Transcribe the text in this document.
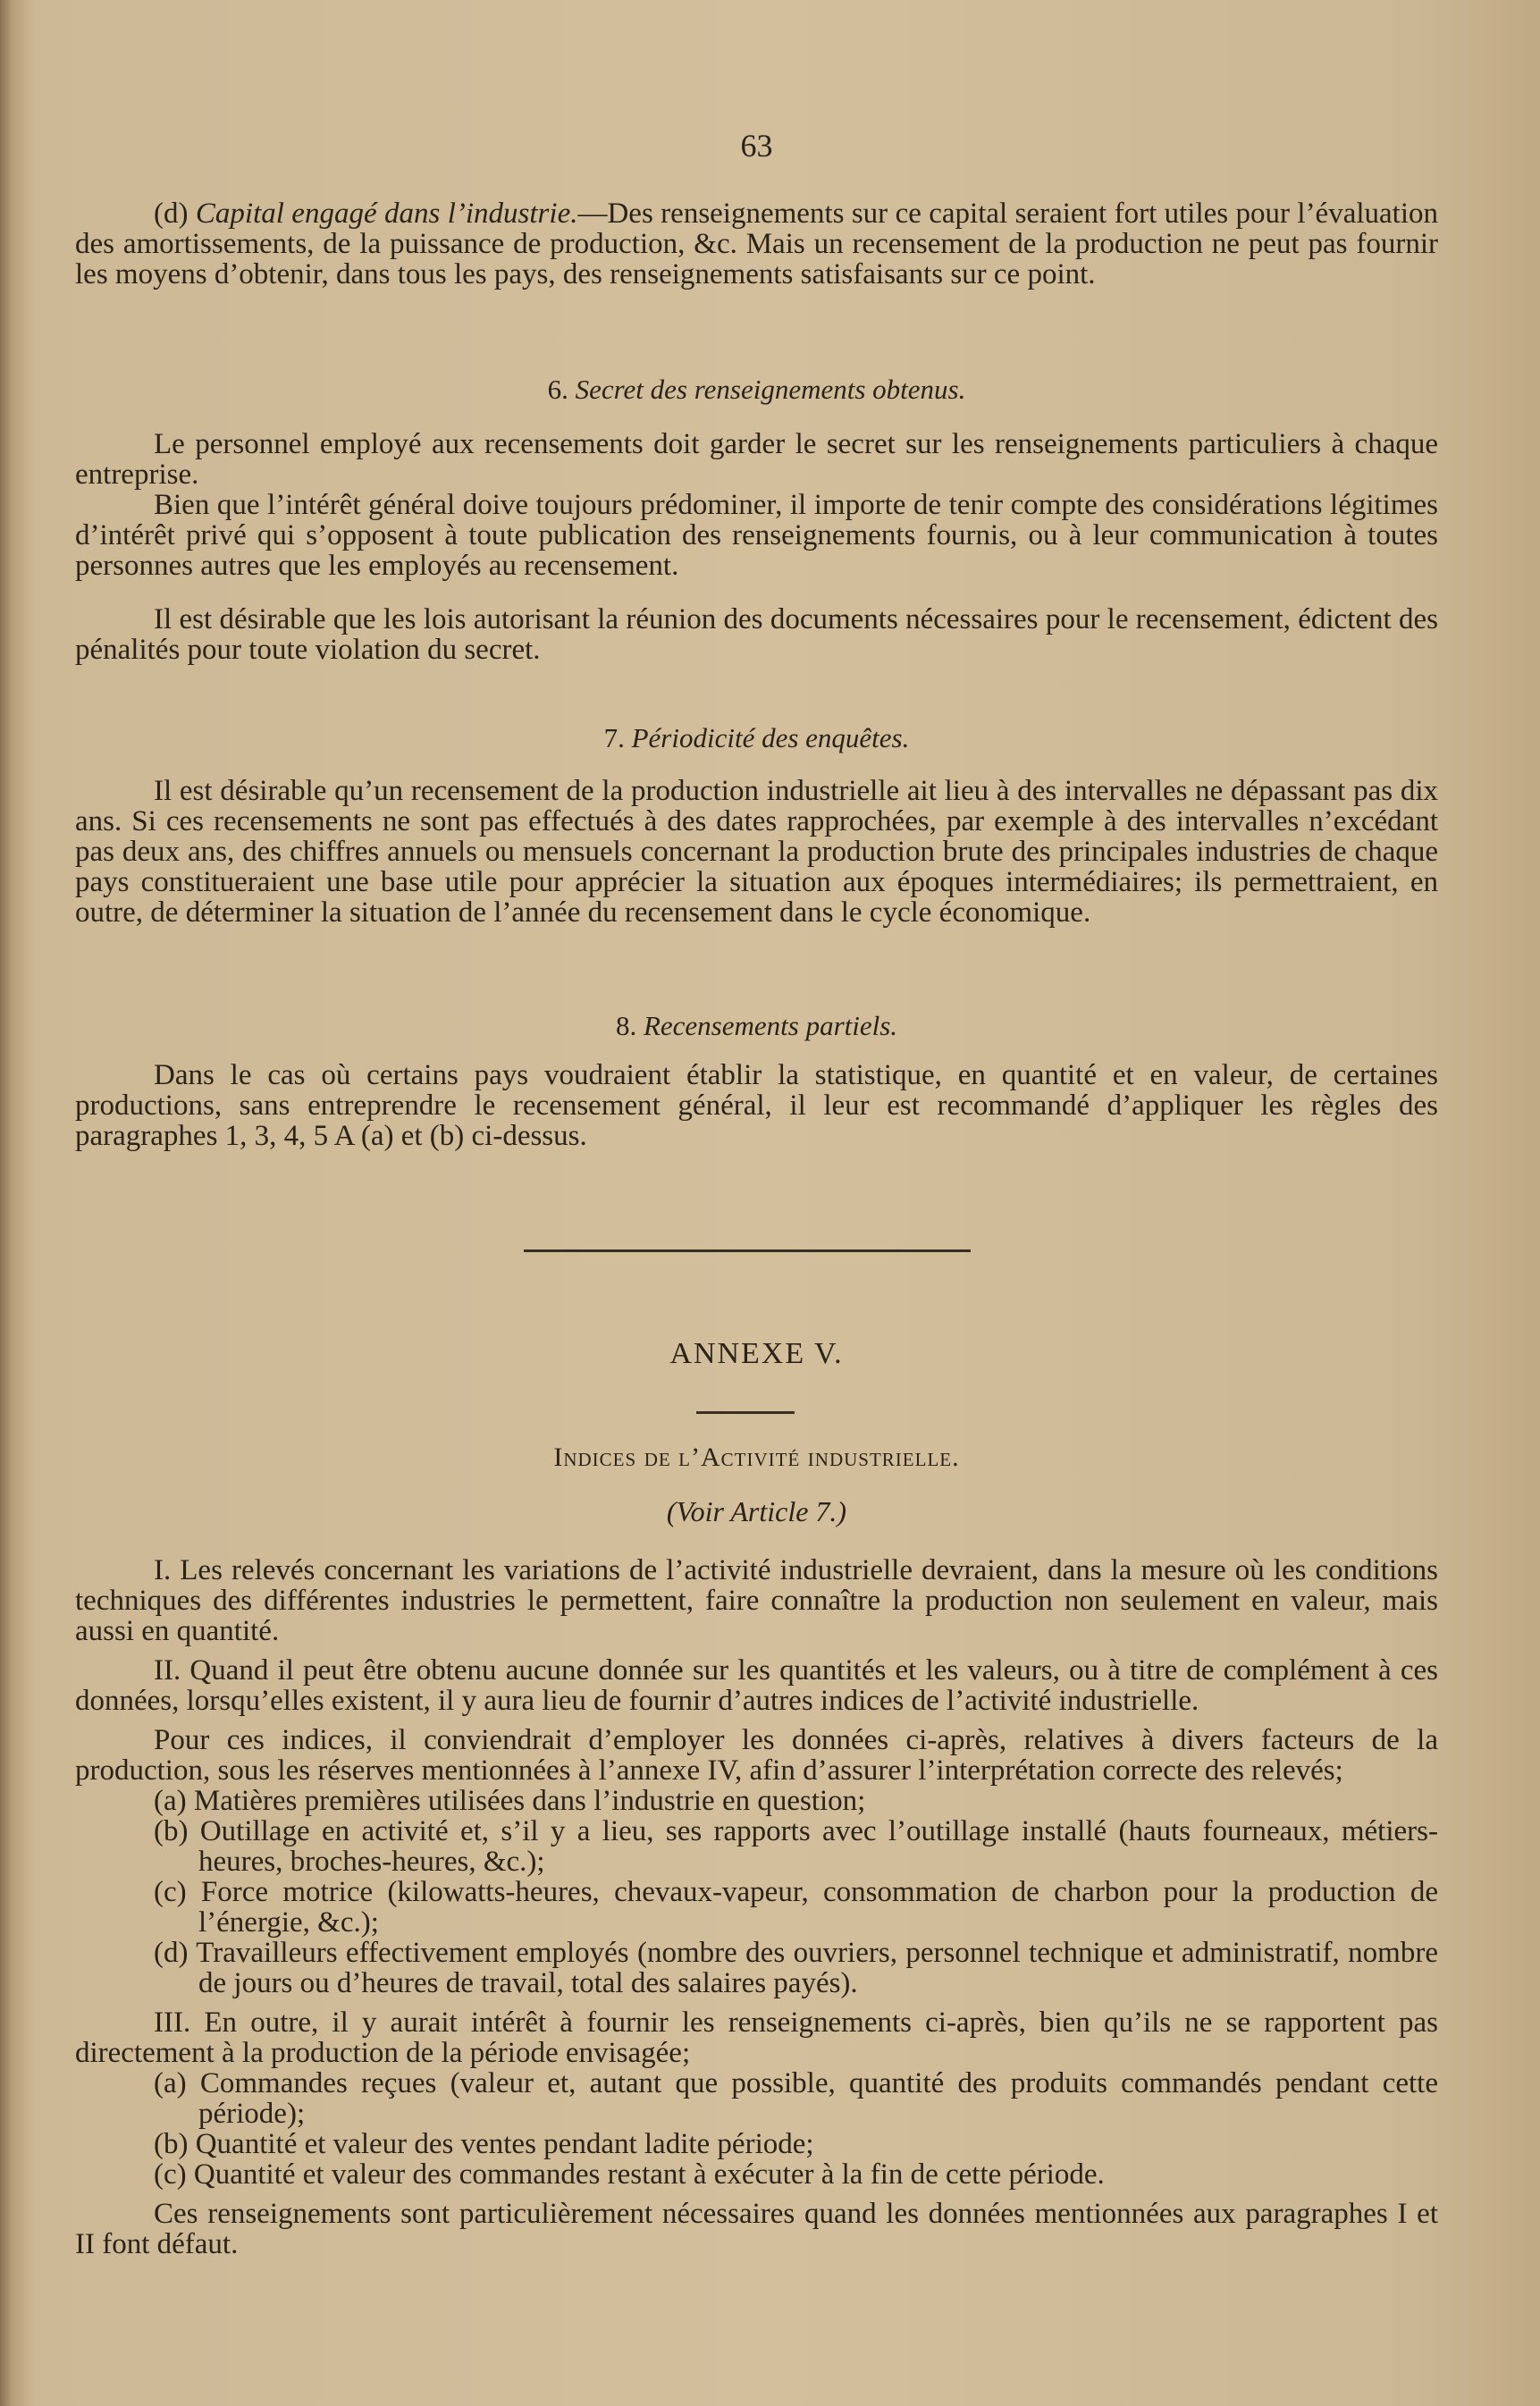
63

(d) Capital engagé dans l’industrie.—Des renseignements sur ce capital seraient fort utiles pour l’évaluation des amortissements, de la puissance de production, &c. Mais un recensement de la production ne peut pas fournir les moyens d’obtenir, dans tous les pays, des renseignements satisfaisants sur ce point.

6. Secret des renseignements obtenus.

Le personnel employé aux recensements doit garder le secret sur les renseignements particuliers à chaque entreprise.

Bien que l’intérêt général doive toujours prédominer, il importe de tenir compte des considérations légitimes d’intérêt privé qui s’opposent à toute publication des renseignements fournis, ou à leur communication à toutes personnes autres que les employés au recensement.

Il est désirable que les lois autorisant la réunion des documents nécessaires pour le recensement, édictent des pénalités pour toute violation du secret.

7. Périodicité des enquêtes.

Il est désirable qu’un recensement de la production industrielle ait lieu à des intervalles ne dépassant pas dix ans. Si ces recensements ne sont pas effectués à des dates rapprochées, par exemple à des intervalles n’excédant pas deux ans, des chiffres annuels ou mensuels concernant la production brute des principales industries de chaque pays constitueraient une base utile pour apprécier la situation aux époques intermédiaires; ils permettraient, en outre, de déterminer la situation de l’année du recensement dans le cycle économique.

8. Recensements partiels.

Dans le cas où certains pays voudraient établir la statistique, en quantité et en valeur, de certaines productions, sans entreprendre le recensement général, il leur est recommandé d’appliquer les règles des paragraphes 1, 3, 4, 5 A (a) et (b) ci-dessus.

ANNEXE V.
Indices de l’Activité industrielle.
(Voir Article 7.)

I. Les relevés concernant les variations de l’activité industrielle devraient, dans la mesure où les conditions techniques des différentes industries le permettent, faire connaître la production non seulement en valeur, mais aussi en quantité.

II. Quand il peut être obtenu aucune donnée sur les quantités et les valeurs, ou à titre de complément à ces données, lorsqu’elles existent, il y aura lieu de fournir d’autres indices de l’activité industrielle.

Pour ces indices, il conviendrait d’employer les données ci-après, relatives à divers facteurs de la production, sous les réserves mentionnées à l’annexe IV, afin d’assurer l’interprétation correcte des relevés;

(a) Matières premières utilisées dans l’industrie en question;

(b) Outillage en activité et, s’il y a lieu, ses rapports avec l’outillage installé (hauts fourneaux, métiers-heures, broches-heures, &c.);

(c) Force motrice (kilowatts-heures, chevaux-vapeur, consommation de charbon pour la production de l’énergie, &c.);

(d) Travailleurs effectivement employés (nombre des ouvriers, personnel technique et administratif, nombre de jours ou d’heures de travail, total des salaires payés).

III. En outre, il y aurait intérêt à fournir les renseignements ci-après, bien qu’ils ne se rapportent pas directement à la production de la période envisagée;

(a) Commandes reçues (valeur et, autant que possible, quantité des produits commandés pendant cette période);

(b) Quantité et valeur des ventes pendant ladite période;

(c) Quantité et valeur des commandes restant à exécuter à la fin de cette période.

Ces renseignements sont particulièrement nécessaires quand les données mentionnées aux paragraphes I et II font défaut.
